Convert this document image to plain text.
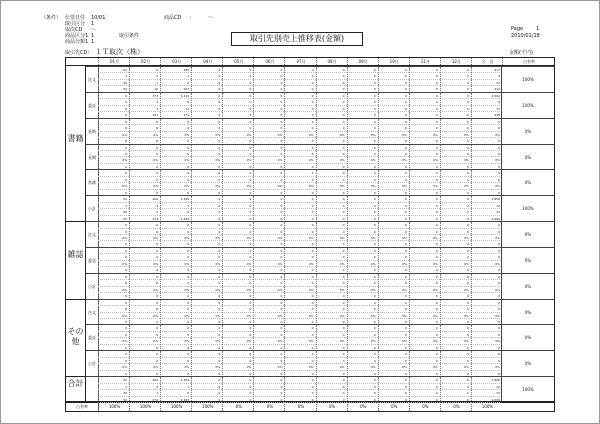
（条件） 伝票日付 10/01	商品CD ：	～
取引区分 1
取次CD ～
商品区分1 1	取引条件
商品分類1 1	取引先別売上推移表(金額)
Page	1
2010/01/18
取引先CD： １Ｔ取次（株）	金額(千円)
01月	02月	03月	04月	05月	06月	07月	08月	09月	10月	11月	12月	合　計	占有率
書籍
注文
61	0	285	0	0	0	0	0	0	0	0	0	417
1	1	1	0	0	0	0	0	0	0	0	0	3
26	1	5	0	0	0	0	0	0	0	0	0	32
52	10	167	0	0	0	0	0	0	0	0	0	414
100%
委託
0	373	1,219	0	0	0	0	0	0	0	0	0	1,592
0	3	6	0	0	0	0	0	0	0	0	0	9
0	1	11	0	0	0	0	0	0	0	0	0	13
0	167	271	0	0	0	0	0	0	0	0	0	438
100%
延勘
0	0	0	0	0	0	0	0	0	0	0	0	0
0	0	0	0	0	0	0	0	0	0	0	0	0
0%	0%	0%	0%	0%	0%	0%	0%	0%	0%	0%	0%	0%
0	0	0	0	0	0	0	0	0	0	0	0	0
0%
長期
0	0	0	0	0	0	0	0	0	0	0	0	0
0	0	0	0	0	0	0	0	0	0	0	0	0
0%	0%	0%	0%	0%	0%	0%	0%	0%	0%	0%	0%	0%
0	0	0	0	0	0	0	0	0	0	0	0	0
0%
常備
0	0	0	0	0	0	0	0	0	0	0	0	0
0	0	0	0	0	0	0	0	0	0	0	0	0
0%	0%	0%	0%	0%	0%	0%	0%	0%	0%	0%	0%	0%
0	0	0	0	0	0	0	0	0	0	0	0	0
0%
小計
52	200	1,399	0	0	0	0	0	0	0	0	0	1,856
1	4	7	0	0	0	0	0	0	0	0	0	12
26	1	6	0	0	0	0	0	0	0	0	0	33
52	272	1,263	0	0	0	0	0	0	0	0	0	1,609
100%
雑誌
注文
0	0	0	0	0	0	0	0	0	0	0	0	0
0	0	0	0	0	0	0	0	0	0	0	0	0
0%	0%	0%	0%	0%	0%	0%	0%	0%	0%	0%	0%	0%
0	0	0	0	0	0	0	0	0	0	0	0	0
0%
委託
0	0	0	0	0	0	0	0	0	0	0	0	0
0	0	0	0	0	0	0	0	0	0	0	0	0
0%	0%	0%	0%	0%	0%	0%	0%	0%	0%	0%	0%	0%
0	0	0	0	0	0	0	0	0	0	0	0	0
0%
小計
0	0	0	0	0	0	0	0	0	0	0	0	0
0	0	0	0	0	0	0	0	0	0	0	0	0
0%	0%	0%	0%	0%	0%	0%	0%	0%	0%	0%	0%	0%
0	0	0	0	0	0	0	0	0	0	0	0	0
0%
その他
注文
0	0	0	0	0	0	0	0	0	0	0	0	0
0	0	0	0	0	0	0	0	0	0	0	0	0
0%	0%	0%	0%	0%	0%	0%	0%	0%	0%	0%	0%	0%
0	0	0	0	0	0	0	0	0	0	0	0	0
0%
委託
0	0	0	0	0	0	0	0	0	0	0	0	0
0	0	0	0	0	0	0	0	0	0	0	0	0
0%	0%	0%	0%	0%	0%	0%	0%	0%	0%	0%	0%	0%
0	0	0	0	0	0	0	0	0	0	0	0	0
0%
小計
0	0	0	0	0	0	0	0	0	0	0	0	0
0	0	0	0	0	0	0	0	0	0	0	0	0
0%	0%	0%	0%	0%	0%	0%	0%	0%	0%	0%	0%	0%
0	0	0	0	0	0	0	0	0	0	0	0	0
0%
合計	52	200	1,399	0	0	0	0	0	0	0	0	0	1,856
1	4	7	0	0	0	0	0	0	0	0	0	12
26	1	6	0	0	0	0	0	0	0	0	0	33
52	272	1,263	0	0	0	0	0	0	0	0	0	1,609
100%
占有率	100%	100%	100%	100%	0%	0%	0%	0%	0%	0%	0%	0%	100%
